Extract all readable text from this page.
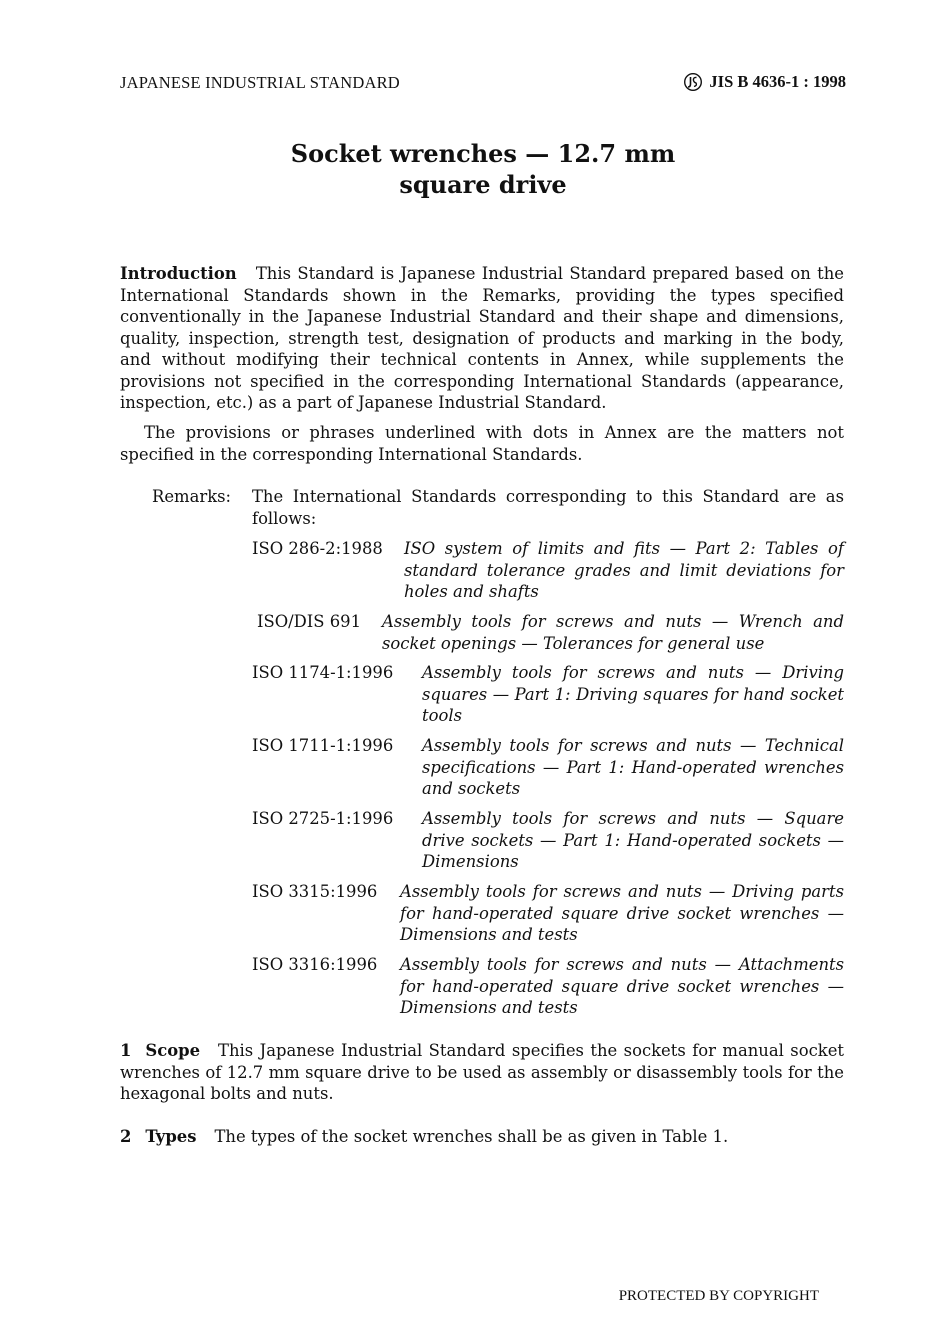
JAPANESE INDUSTRIAL STANDARD	JIS B 4636-1 : 1998
Socket wrenches — 12.7 mm
square drive

Introduction This Standard is Japanese Industrial Standard prepared based on the International Standards shown in the Remarks, providing the types specified conventionally in the Japanese Industrial Standard and their shape and dimensions, quality, inspection, strength test, designation of products and marking in the body, and without modifying their technical contents in Annex, while supplements the provisions not specified in the corresponding International Standards (appearance, inspection, etc.) as a part of Japanese Industrial Standard.

The provisions or phrases underlined with dots in Annex are the matters not specified in the corresponding International Standards.

Remarks: The International Standards corresponding to this Standard are as follows:

ISO 286-2:1988 ISO system of limits and fits — Part 2: Tables of standard tolerance grades and limit deviations for holes and shafts

ISO/DIS 691 Assembly tools for screws and nuts — Wrench and socket openings — Tolerances for general use

ISO 1174-1:1996 Assembly tools for screws and nuts — Driving squares — Part 1: Driving squares for hand socket tools

ISO 1711-1:1996 Assembly tools for screws and nuts — Technical specifications — Part 1: Hand-operated wrenches and sockets

ISO 2725-1:1996 Assembly tools for screws and nuts — Square drive sockets — Part 1: Hand-operated sockets — Dimensions

ISO 3315:1996 Assembly tools for screws and nuts — Driving parts for hand-operated square drive socket wrenches — Dimensions and tests

ISO 3316:1996 Assembly tools for screws and nuts — Attachments for hand-operated square drive socket wrenches — Dimensions and tests

1 Scope This Japanese Industrial Standard specifies the sockets for manual socket wrenches of 12.7 mm square drive to be used as assembly or disassembly tools for the hexagonal bolts and nuts.

2 Types The types of the socket wrenches shall be as given in Table 1.

PROTECTED BY COPYRIGHT
